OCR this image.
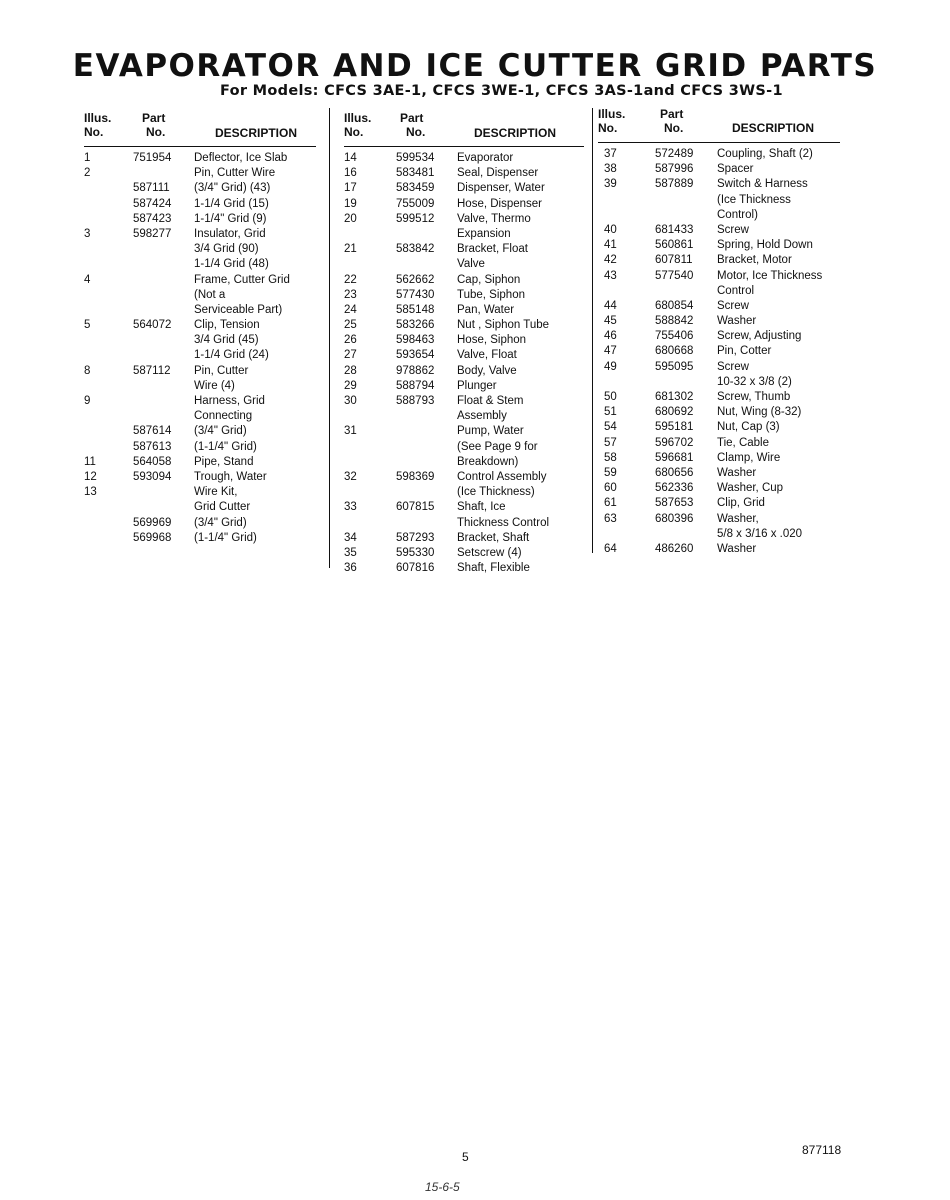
EVAPORATOR AND ICE CUTTER GRID PARTS
For Models: CFCS 3AE-1, CFCS 3WE-1, CFCS 3AS-1and CFCS 3WS-1
Illus.
No.
Part
No.	DESCRIPTION
1	751954 Deflector, Ice Slab
2	Pin, Cutter Wire
587111 (3/4" Grid) (43)
587424 1-1/4 Grid (15)
587423 1-1/4" Grid (9)
3	598277 Insulator, Grid
3/4 Grid (90)
1-1/4 Grid (48)
4	Frame, Cutter Grid
(Not a
Serviceable Part)
5	564072 Clip, Tension
3/4 Grid (45)
1-1/4 Grid (24)
8	587112 Pin, Cutter
Wire (4)
9	Harness, Grid
Connecting
587614 (3/4" Grid)
587613 (1-1/4" Grid)
11	564058 Pipe, Stand
12	593094 Trough, Water
13	Wire Kit,
Grid Cutter
569969 (3/4" Grid)
569968 (1-1/4" Grid)
Illus.
No.
Part
No.	DESCRIPTION
14	599534 Evaporator
16	583481 Seal, Dispenser
17	583459 Dispenser, Water
19	755009 Hose, Dispenser
20	599512 Valve, Thermo
Expansion
21	583842 Bracket, Float
Valve
22	562662 Cap, Siphon
23	577430 Tube, Siphon
24	585148 Pan, Water
25	583266 Nut , Siphon Tube
26	598463 Hose, Siphon
27	593654 Valve, Float
28	978862 Body, Valve
29	588794 Plunger
30	588793 Float & Stem
Assembly
31	Pump, Water
(See Page 9 for
Breakdown)
32	598369 Control Assembly
(Ice Thickness)
33	607815 Shaft, Ice
Thickness Control
34	587293 Bracket, Shaft
35	595330 Setscrew (4)
36	607816 Shaft, Flexible
Illus.
No.
Part
No.	DESCRIPTION
37	572489 Coupling, Shaft (2)
38	587996 Spacer
39	587889 Switch & Harness
(Ice Thickness
Control)
40	681433 Screw
41	560861 Spring, Hold Down
42	607811 Bracket, Motor
43	577540 Motor, Ice Thickness
Control
44	680854 Screw
45	588842 Washer
46	755406 Screw, Adjusting
47	680668 Pin, Cotter
49	595095 Screw
10-32 x 3/8 (2)
50	681302 Screw, Thumb
51	680692 Nut, Wing (8-32)
54	595181 Nut, Cap (3)
57	596702 Tie, Cable
58	596681 Clamp, Wire
59	680656 Washer
60	562336 Washer, Cup
61	587653 Clip, Grid
63	680396 Washer,
5/8 x 3/16 x .020
64	486260 Washer
5	877118
15-6-5
